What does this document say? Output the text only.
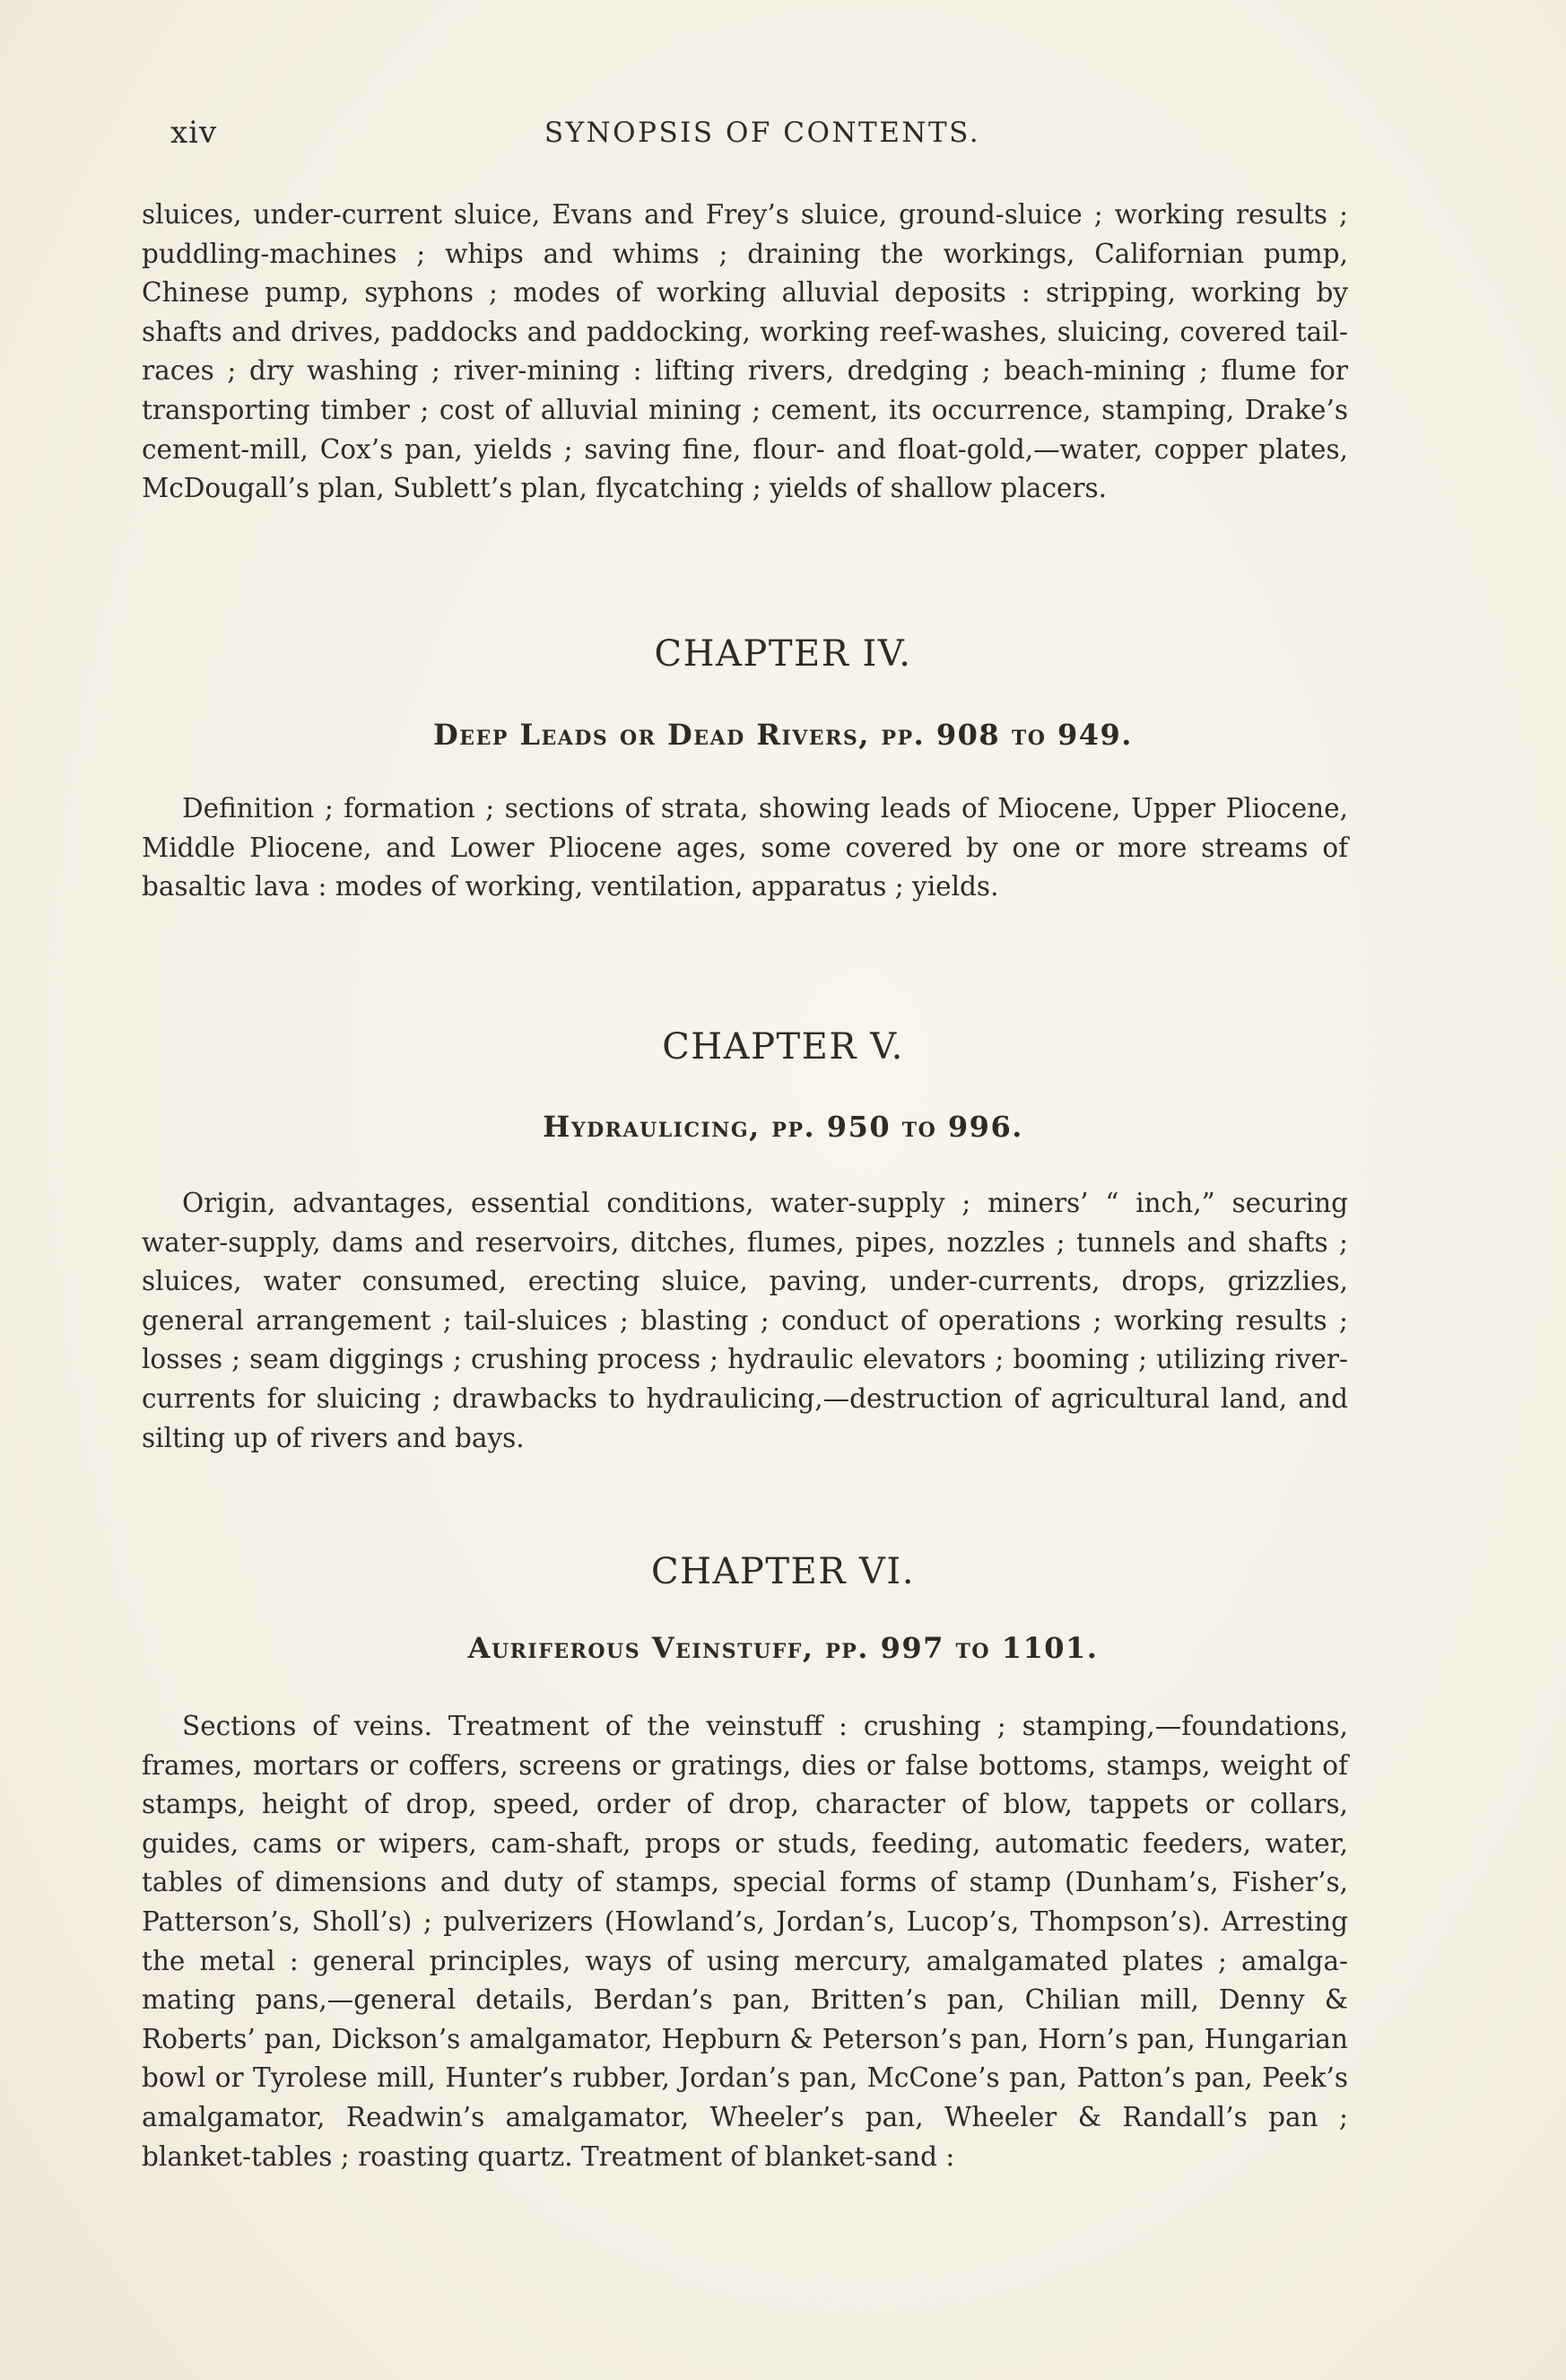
xiv	SYNOPSIS OF CONTENTS.

sluices, under-current sluice, Evans and Frey’s sluice, ground-sluice ; working results ; puddling-machines ; whips and whims ; draining the workings, Californian pump, Chinese pump, syphons ; modes of working alluvial deposits : stripping, working by shafts and drives, paddocks and paddocking, working reef-washes, sluicing, covered tail-races ; dry washing ; river-mining : lifting rivers, dredging ; beach-mining ; flume for transporting timber ; cost of alluvial mining ; cement, its occurrence, stamping, Drake’s cement-mill, Cox’s pan, yields ; saving fine, flour- and float-gold,—water, copper plates, McDougall’s plan, Sublett’s plan, flycatching ; yields of shallow placers.

CHAPTER IV.
Deep Leads or Dead Rivers, pp. 908 to 949.

Definition ; formation ; sections of strata, showing leads of Miocene, Upper Pliocene, Middle Pliocene, and Lower Pliocene ages, some covered by one or more streams of basaltic lava : modes of working, ventilation, apparatus ; yields.

CHAPTER V.
Hydraulicing, pp. 950 to 996.

Origin, advantages, essential conditions, water-supply ; miners’ “ inch,” securing water-supply, dams and reservoirs, ditches, flumes, pipes, nozzles ; tunnels and shafts ; sluices, water consumed, erecting sluice, paving, under-currents, drops, grizzlies, general arrangement ; tail-sluices ; blasting ; conduct of operations ; working results ; losses ; seam diggings ; crushing process ; hydraulic elevators ; booming ; utilizing river-currents for sluicing ; drawbacks to hydraulicing,—destruction of agricultural land, and silting up of rivers and bays.

CHAPTER VI.
Auriferous Veinstuff, pp. 997 to 1101.

Sections of veins. Treatment of the veinstuff : crushing ; stamping,—foundations, frames, mortars or coffers, screens or gratings, dies or false bottoms, stamps, weight of stamps, height of drop, speed, order of drop, character of blow, tappets or collars, guides, cams or wipers, cam-shaft, props or studs, feeding, automatic feeders, water, tables of dimensions and duty of stamps, special forms of stamp (Dunham’s, Fisher’s, Patterson’s, Sholl’s) ; pulverizers (Howland’s, Jordan’s, Lucop’s, Thompson’s). Arresting the metal : general principles, ways of using mercury, amalgamated plates ; amalga-mating pans,—general details, Berdan’s pan, Britten’s pan, Chilian mill, Denny & Roberts’ pan, Dickson’s amalgamator, Hepburn & Peterson’s pan, Horn’s pan, Hungarian bowl or Tyrolese mill, Hunter’s rubber, Jordan’s pan, McCone’s pan, Patton’s pan, Peek’s amalgamator, Readwin’s amalgamator, Wheeler’s pan, Wheeler & Randall’s pan ; blanket-tables ; roasting quartz. Treatment of blanket-sand :
